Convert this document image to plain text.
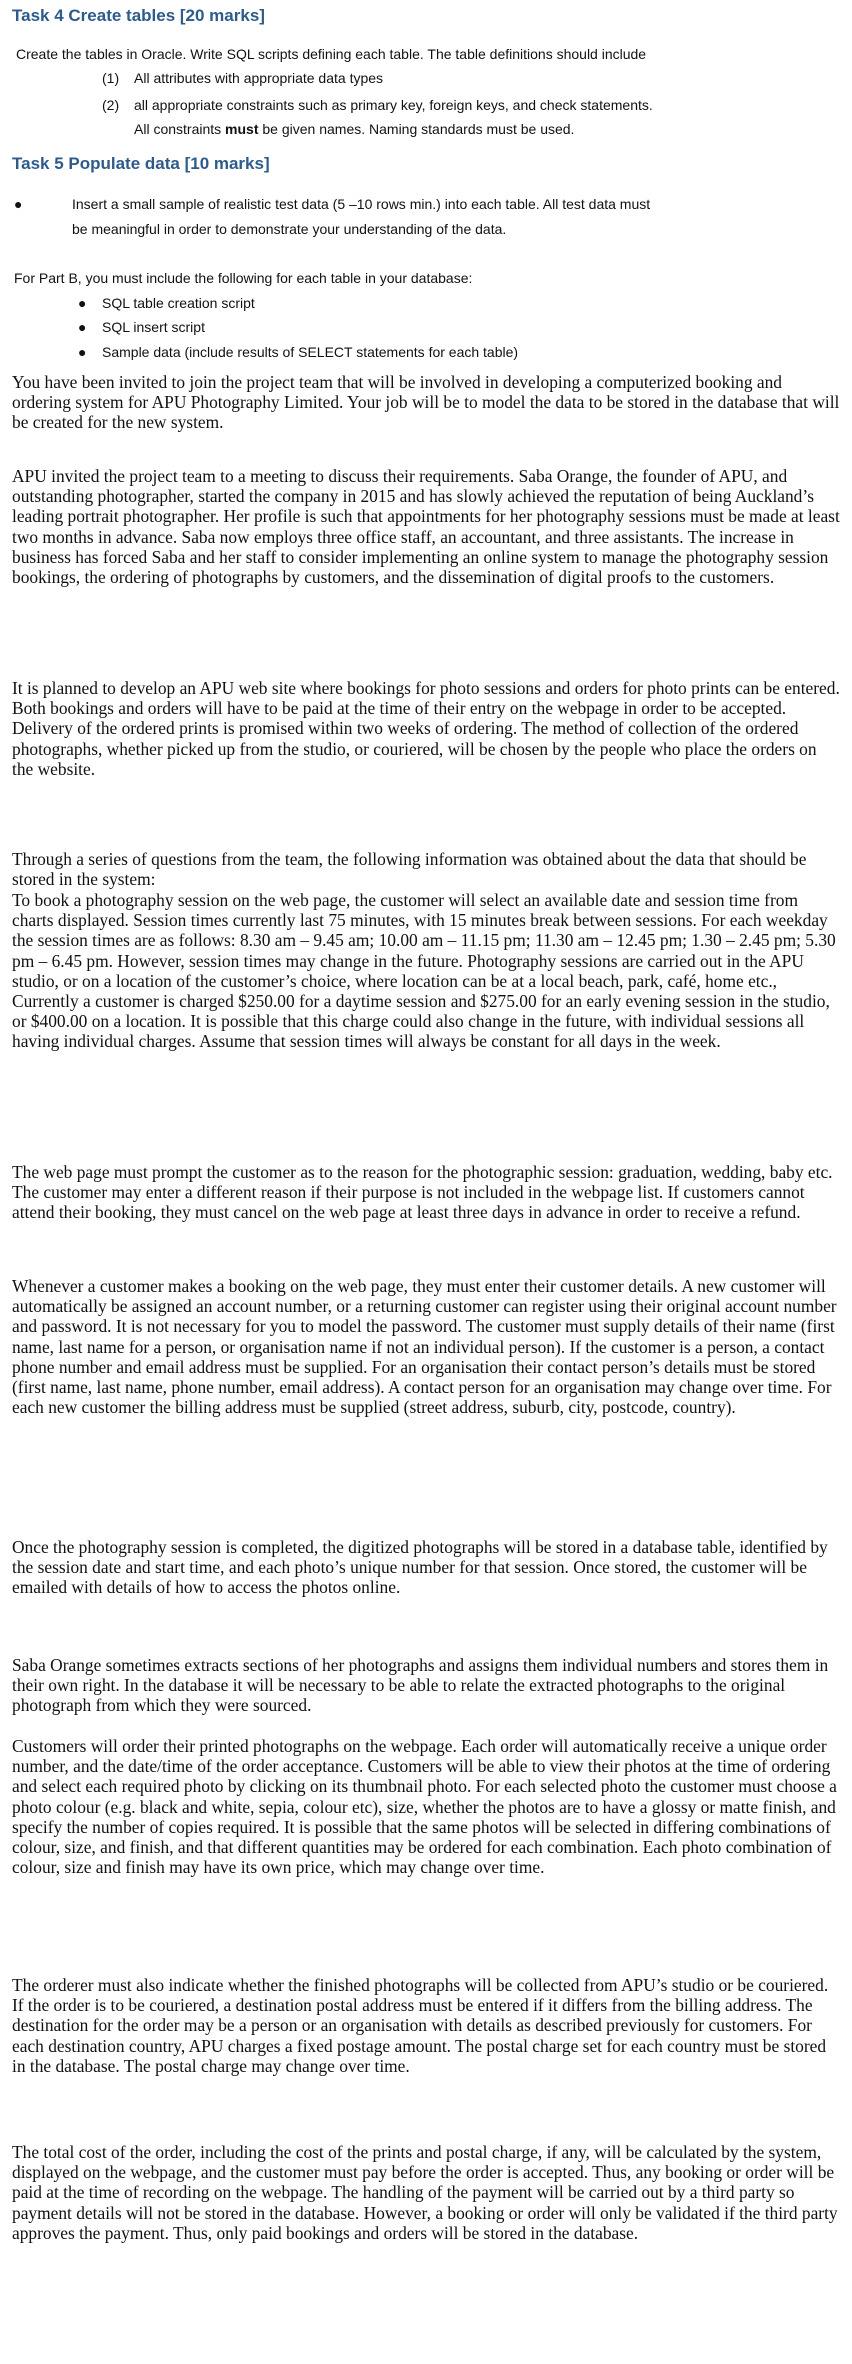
Task 4 Create tables [20 marks]
Create the tables in Oracle. Write SQL scripts defining each table. The table definitions should include
(1) All attributes with appropriate data types
(2) all appropriate constraints such as primary key, foreign keys, and check statements.
All constraints must be given names. Naming standards must be used.
Task 5 Populate data [10 marks]
●	Insert a small sample of realistic test data (5 –10 rows min.) into each table. All test data must
be meaningful in order to demonstrate your understanding of the data.
For Part B, you must include the following for each table in your database:
● SQL table creation script
● SQL insert script
● Sample data (include results of SELECT statements for each table)

You have been invited to join the project team that will be involved in developing a computerized booking and ordering system for APU Photography Limited. Your job will be to model the data to be stored in the database that will be created for the new system.

APU invited the project team to a meeting to discuss their requirements. Saba Orange, the founder of APU, and outstanding photographer, started the company in 2015 and has slowly achieved the reputation of being Auckland’s leading portrait photographer. Her profile is such that appointments for her photography sessions must be made at least two months in advance. Saba now employs three office staff, an accountant, and three assistants. The increase in business has forced Saba and her staff to consider implementing an online system to manage the photography session bookings, the ordering of photographs by customers, and the dissemination of digital proofs to the customers.

It is planned to develop an APU web site where bookings for photo sessions and orders for photo prints can be entered. Both bookings and orders will have to be paid at the time of their entry on the webpage in order to be accepted. Delivery of the ordered prints is promised within two weeks of ordering. The method of collection of the ordered photographs, whether picked up from the studio, or couriered, will be chosen by the people who place the orders on the website.

Through a series of questions from the team, the following information was obtained about the data that should be stored in the system:

To book a photography session on the web page, the customer will select an available date and session time from charts displayed. Session times currently last 75 minutes, with 15 minutes break between sessions. For each weekday the session times are as follows: 8.30 am – 9.45 am; 10.00 am – 11.15 pm; 11.30 am – 12.45 pm; 1.30 – 2.45 pm; 5.30 pm – 6.45 pm. However, session times may change in the future. Photography sessions are carried out in the APU studio, or on a location of the customer’s choice, where location can be at a local beach, park, café, home etc., Currently a customer is charged $250.00 for a daytime session and $275.00 for an early evening session in the studio, or $400.00 on a location. It is possible that this charge could also change in the future, with individual sessions all having individual charges. Assume that session times will always be constant for all days in the week.

The web page must prompt the customer as to the reason for the photographic session: graduation, wedding, baby etc. The customer may enter a different reason if their purpose is not included in the webpage list. If customers cannot attend their booking, they must cancel on the web page at least three days in advance in order to receive a refund.

Whenever a customer makes a booking on the web page, they must enter their customer details. A new customer will automatically be assigned an account number, or a returning customer can register using their original account number and password. It is not necessary for you to model the password. The customer must supply details of their name (first name, last name for a person, or organisation name if not an individual person). If the customer is a person, a contact phone number and email address must be supplied. For an organisation their contact person’s details must be stored (first name, last name, phone number, email address). A contact person for an organisation may change over time. For each new customer the billing address must be supplied (street address, suburb, city, postcode, country).

Once the photography session is completed, the digitized photographs will be stored in a database table, identified by the session date and start time, and each photo’s unique number for that session. Once stored, the customer will be emailed with details of how to access the photos online.

Saba Orange sometimes extracts sections of her photographs and assigns them individual numbers and stores them in their own right. In the database it will be necessary to be able to relate the extracted photographs to the original photograph from which they were sourced.

Customers will order their printed photographs on the webpage. Each order will automatically receive a unique order number, and the date/time of the order acceptance. Customers will be able to view their photos at the time of ordering and select each required photo by clicking on its thumbnail photo. For each selected photo the customer must choose a photo colour (e.g. black and white, sepia, colour etc), size, whether the photos are to have a glossy or matte finish, and specify the number of copies required. It is possible that the same photos will be selected in differing combinations of colour, size, and finish, and that different quantities may be ordered for each combination. Each photo combination of colour, size and finish may have its own price, which may change over time.

The orderer must also indicate whether the finished photographs will be collected from APU’s studio or be couriered. If the order is to be couriered, a destination postal address must be entered if it differs from the billing address. The destination for the order may be a person or an organisation with details as described previously for customers. For each destination country, APU charges a fixed postage amount. The postal charge set for each country must be stored in the database. The postal charge may change over time.

The total cost of the order, including the cost of the prints and postal charge, if any, will be calculated by the system, displayed on the webpage, and the customer must pay before the order is accepted. Thus, any booking or order will be paid at the time of recording on the webpage. The handling of the payment will be carried out by a third party so payment details will not be stored in the database. However, a booking or order will only be validated if the third party approves the payment. Thus, only paid bookings and orders will be stored in the database.
